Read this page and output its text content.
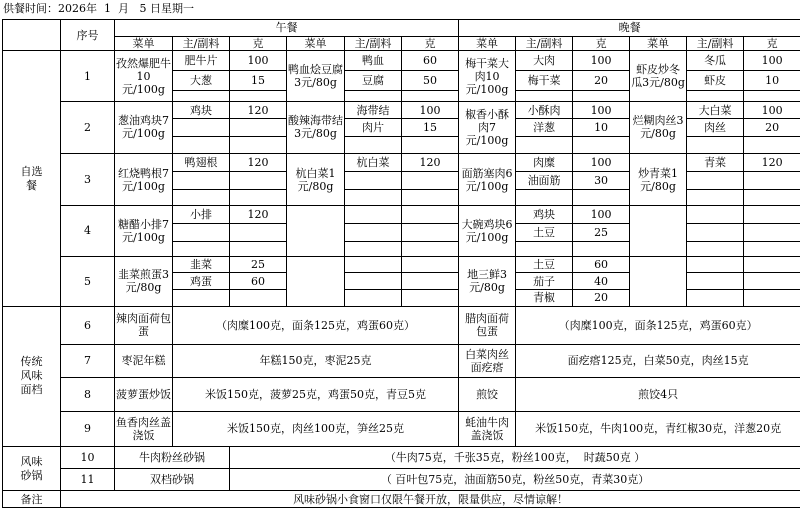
供餐时间：2026年 1 月 5 日星期一
	序号	午餐						晚餐					
		菜单	主/副料	克	菜单	主/副料	克	菜单	主/副料	克	菜单	主/副料	克
自选餐	1	孜然爆肥牛10元/100g	肥牛片	100	鸭血烩豆腐3元/80g	鸭血	60	梅干菜大肉10元/100g	大肉	100	虾皮炒冬瓜3元/80g	冬瓜	100
			大葱	15		豆腐	50		梅干菜	20		虾皮	10

	2	葱油鸡块7元/100g	鸡块	120	酸辣海带结3元/80g	海带结	100	椒香小酥肉7元/100g	小酥肉	100	烂糊肉丝3元/80g	大白菜	100
						肉片	15		洋葱	10		肉丝	20

	3	红烧鸭根7元/100g	鸭翅根	120	杭白菜1元/80g	杭白菜	120	面筋塞肉6元/100g	肉糜	100	炒青菜1元/80g	青菜	120
									油面筋	30			

	4	糖醋小排7元/100g	小排	120				大碗鸡块6元/100g	鸡块	100			
									土豆	25			

	5	韭菜煎蛋3元/80g	韭菜	25				地三鲜3元/80g	土豆	60			
			鸡蛋	60					茄子	40			
									青椒	20			
传统风味面档	6	辣肉面荷包蛋	（肉糜100克，面条125克，鸡蛋60克）					腊肉面荷包蛋	（肉糜100克，面条125克，鸡蛋60克）				
	7	枣泥年糕	年糕150克，枣泥25克					白菜肉丝面疙瘩	面疙瘩125克，白菜50克，肉丝15克				
	8	菠萝蛋炒饭	米饭150克，菠萝25克，鸡蛋50克，青豆5克					煎饺	煎饺4只				
	9	鱼香肉丝盖浇饭	米饭150克，肉丝100克，笋丝25克					蚝油牛肉盖浇饭	米饭150克，牛肉100克，青红椒30克，洋葱20克				
风味砂锅	10	牛肉粉丝砂锅		（牛肉75克，千张35克，粉丝100克，  时蔬50克 ）									
	11	双档砂锅		（ 百叶包75克，油面筋50克，粉丝50克，青菜30克）									
备注	风味砂锅小食窗口仅限午餐开放，限量供应，尽情谅解！												
